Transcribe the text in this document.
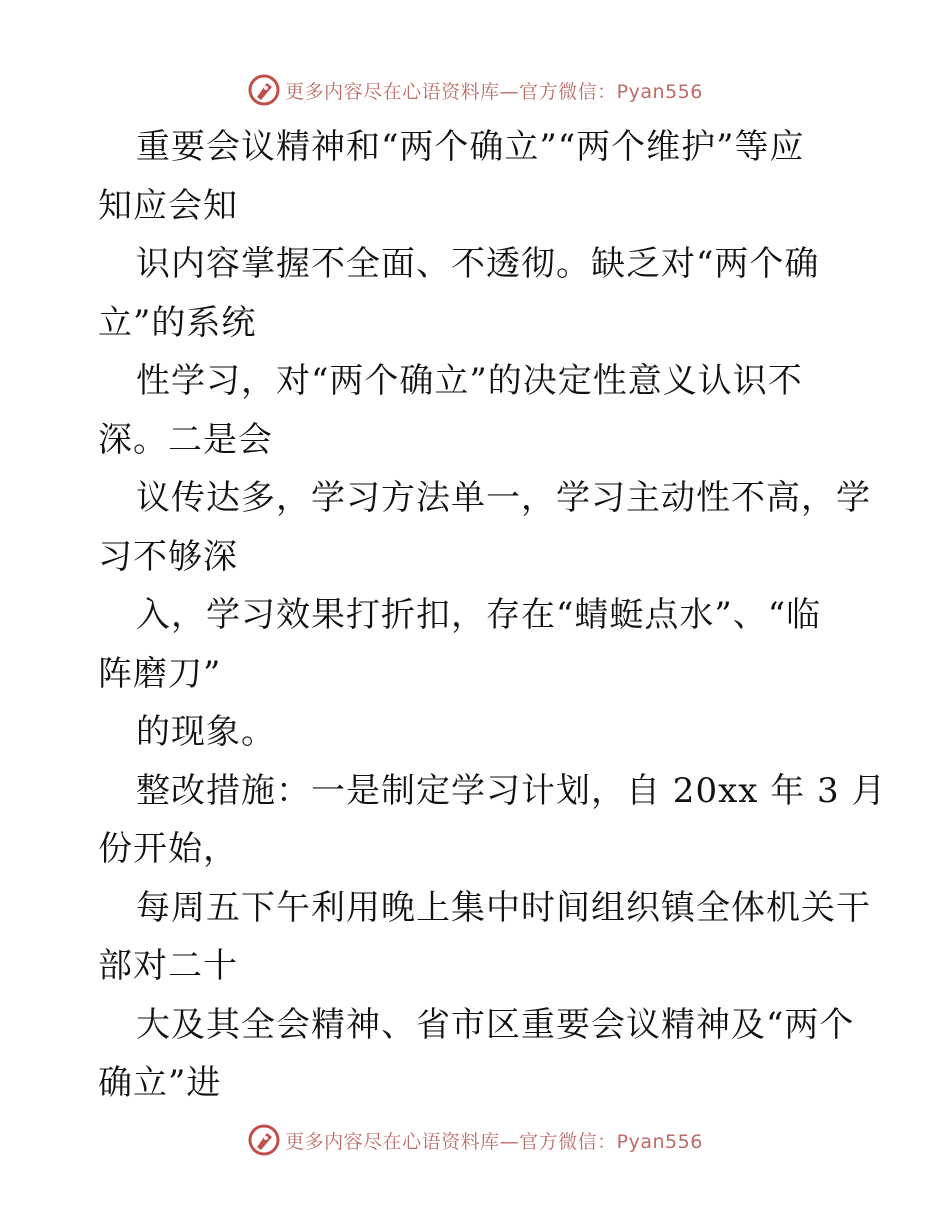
更多内容尽在心语资料库—官方微信：Pyan556
重要会议精神和“两个确立”“两个维护”等应
知应会知
识内容掌握不全面、不透彻。缺乏对“两个确
立”的系统
性学习，对“两个确立”的决定性意义认识不
深。二是会
议传达多，学习方法单一，学习主动性不高，学
习不够深
入，学习效果打折扣，存在“蜻蜓点水”、“临
阵磨刀”
的现象。
整改措施：一是制定学习计划，自 20xx 年 3 月
份开始，
每周五下午利用晚上集中时间组织镇全体机关干
部对二十
大及其全会精神、省市区重要会议精神及“两个
确立”进
更多内容尽在心语资料库—官方微信：Pyan556
